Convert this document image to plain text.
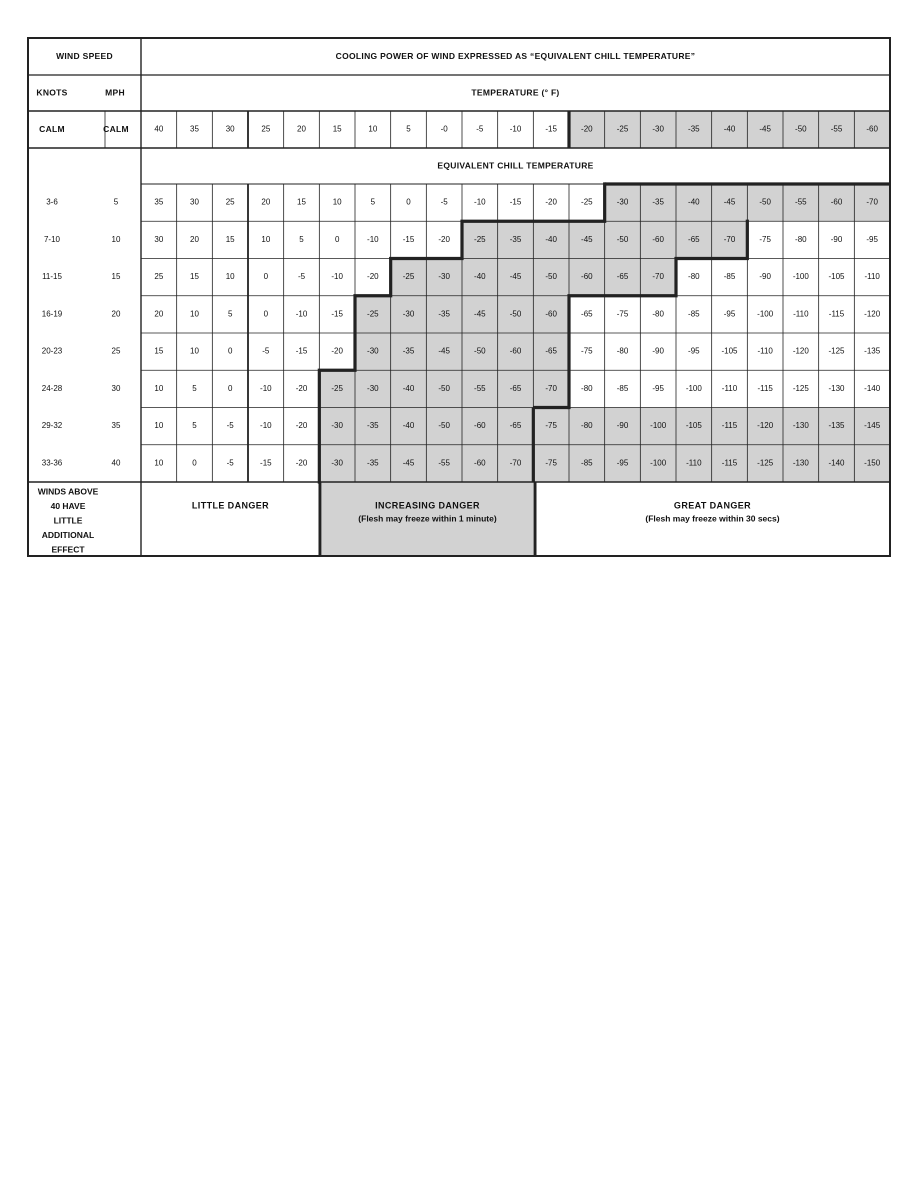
WIND SPEED	COOLING POWER OF WIND EXPRESSED AS “EQUIVALENT CHILL TEMPERATURE”
KNOTS	MPH	TEMPERATURE (° F)
CALM	CALM
EQUIVALENT CHILL TEMPERATURE
40	35	30	25	20	15	10	5	-0	-5	-10	-15	-20	-25	-30	-35	-40	-45	-50	-55	-60
3-6	5	35	30	25	20	15	10	5	0	-5	-10	-15	-20	-25	-30	-35	-40	-45	-50	-55	-60	-70
7-10	10	30	20	15	10	5	0	-10	-15	-20	-25	-35	-40	-45	-50	-60	-65	-70	-75	-80	-90	-95
11-15	15	25	15	10	0	-5	-10	-20	-25	-30	-40	-45	-50	-60	-65	-70	-80	-85	-90	-100 -105 -110
16-19	20	20	10	5	0	-10	-15	-25	-30	-35	-45	-50	-60	-65	-75	-80	-85	-95	-100 -110	-115 -120
20-23	25	15	10	0	-5	-15	-20	-30	-35	-45	-50	-60	-65	-75	-80	-90	-95	-105 -110 -120 -125 -135
24-28	30	10	5	0	-10	-20	-25	-30	-40	-50	-55	-65	-70	-80	-85	-95	-100 -110	-115 -125 -130 -140
29-32	35	10	5	-5	-10	-20	-30	-35	-40	-50	-60	-65	-75	-80	-90	-100 -105 -115 -120 -130 -135 -145
33-36	40	10	0	-5	-15	-20	-30	-35	-45	-55	-60	-70	-75	-85	-95	-100 -110	-115 -125 -130 -140 -150
WINDS ABOVE
40 HAVE
LITTLE
ADDITIONAL
EFFECT
LITTLE DANGER	INCREASING DANGER
(Flesh may freeze within 1 minute)
GREAT DANGER
(Flesh may freeze within 30 secs)
